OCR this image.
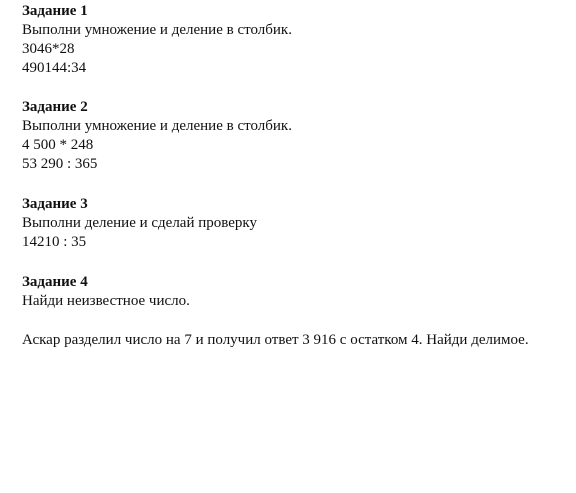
Задание 1
Выполни умножение и деление в столбик.
3046*28
490144:34
Задание 2
Выполни умножение и деление в столбик.
4 500 * 248
53 290 : 365
Задание 3
Выполни деление и сделай проверку
14210 : 35
Задание 4
Найди неизвестное число.
Аскар разделил число на 7 и получил ответ 3 916 с остатком 4. Найди делимое.
